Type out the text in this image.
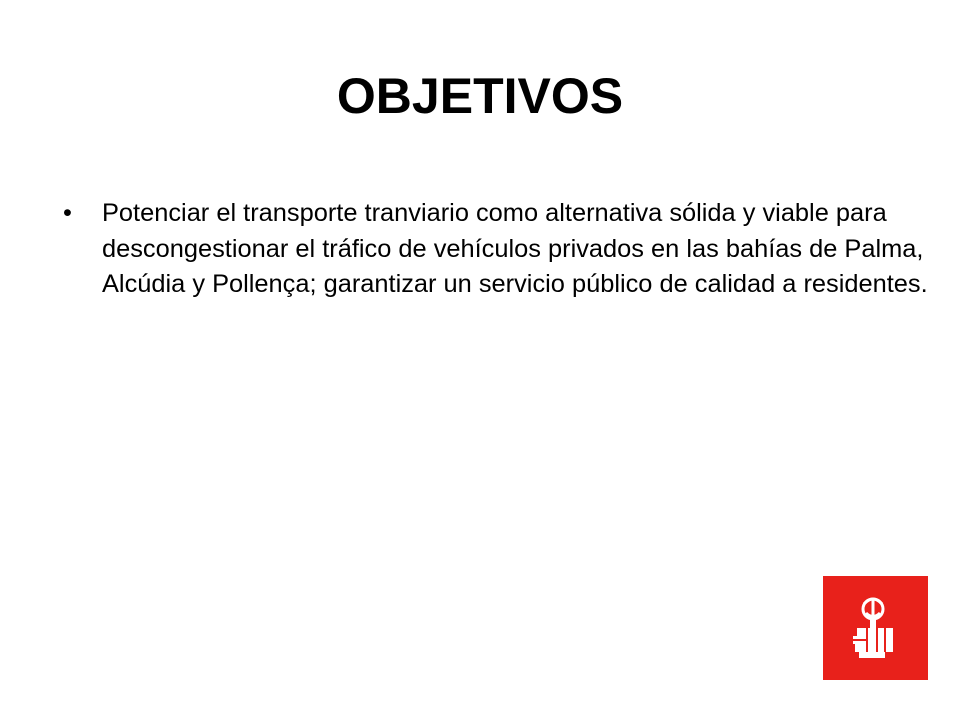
OBJETIVOS
• Potenciar el transporte tranviario como alternativa sólida y viable para descongestionar el tráfico de vehículos privados en las bahías de Palma, Alcúdia y Pollença; garantizar un servicio público de calidad a residentes.
